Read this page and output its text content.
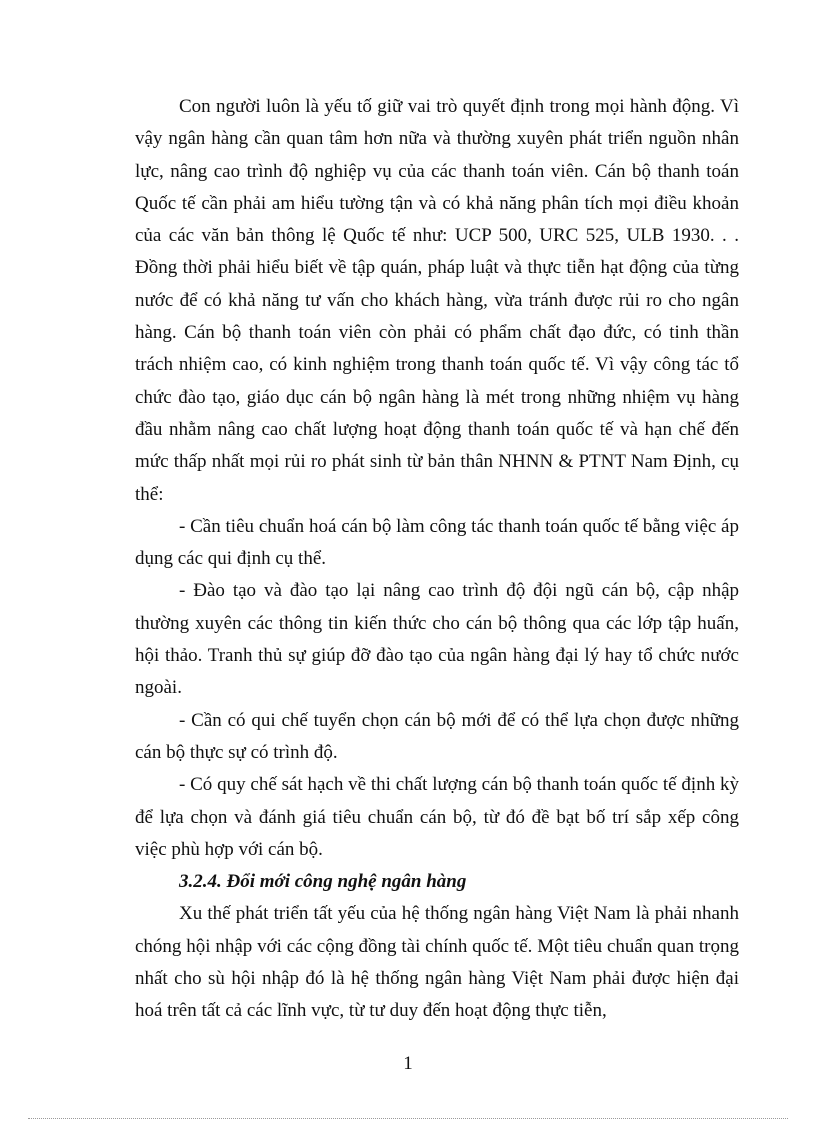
Con người luôn là yếu tố giữ vai trò quyết định trong mọi hành động. Vì vậy ngân hàng cần quan tâm hơn nữa và thường xuyên phát triển nguồn nhân lực, nâng cao trình độ nghiệp vụ của các thanh toán viên. Cán bộ thanh toán Quốc tế cần phải am hiểu tường tận và có khả năng phân tích mọi điều khoản của các văn bản thông lệ Quốc tế như: UCP 500, URC 525, ULB 1930. . . Đồng thời phải hiểu biết về tập quán, pháp luật và thực tiễn hạt động của từng nước để có khả năng tư vấn cho khách hàng, vừa tránh được rủi ro cho ngân hàng. Cán bộ thanh toán viên còn phải có phẩm chất đạo đức, có tinh thần trách nhiệm cao, có kinh nghiệm trong thanh toán quốc tế. Vì vậy công tác tổ chức đào tạo, giáo dục cán bộ ngân hàng là mét trong những nhiệm vụ hàng đầu nhằm nâng cao chất lượng hoạt động thanh toán quốc tế và hạn chế đến mức thấp nhất mọi rủi ro phát sinh từ bản thân NHNN & PTNT Nam Định, cụ thể:

- Cần tiêu chuẩn hoá cán bộ làm công tác thanh toán quốc tế bằng việc áp dụng các qui định cụ thể.

- Đào tạo và đào tạo lại nâng cao trình độ đội ngũ cán bộ, cập nhập thường xuyên các thông tin kiến thức cho cán bộ thông qua các lớp tập huấn, hội thảo. Tranh thủ sự giúp đỡ đào tạo của ngân hàng đại lý hay tổ chức nước ngoài.

- Cần có qui chế tuyển chọn cán bộ mới để có thể lựa chọn được những cán bộ thực sự có trình độ.

- Có quy chế sát hạch về thi chất lượng cán bộ thanh toán quốc tế định kỳ để lựa chọn và đánh giá tiêu chuẩn cán bộ, từ đó đề bạt bố trí sắp xếp công việc phù hợp với cán bộ.

3.2.4. Đổi mới công nghệ ngân hàng

Xu thế phát triển tất yếu của hệ thống ngân hàng Việt Nam là phải nhanh chóng hội nhập với các cộng đồng tài chính quốc tế. Một tiêu chuẩn quan trọng nhất cho sù hội nhập đó là hệ thống ngân hàng Việt Nam phải được hiện đại hoá trên tất cả các lĩnh vực, từ tư duy đến hoạt động thực tiễn,

1
